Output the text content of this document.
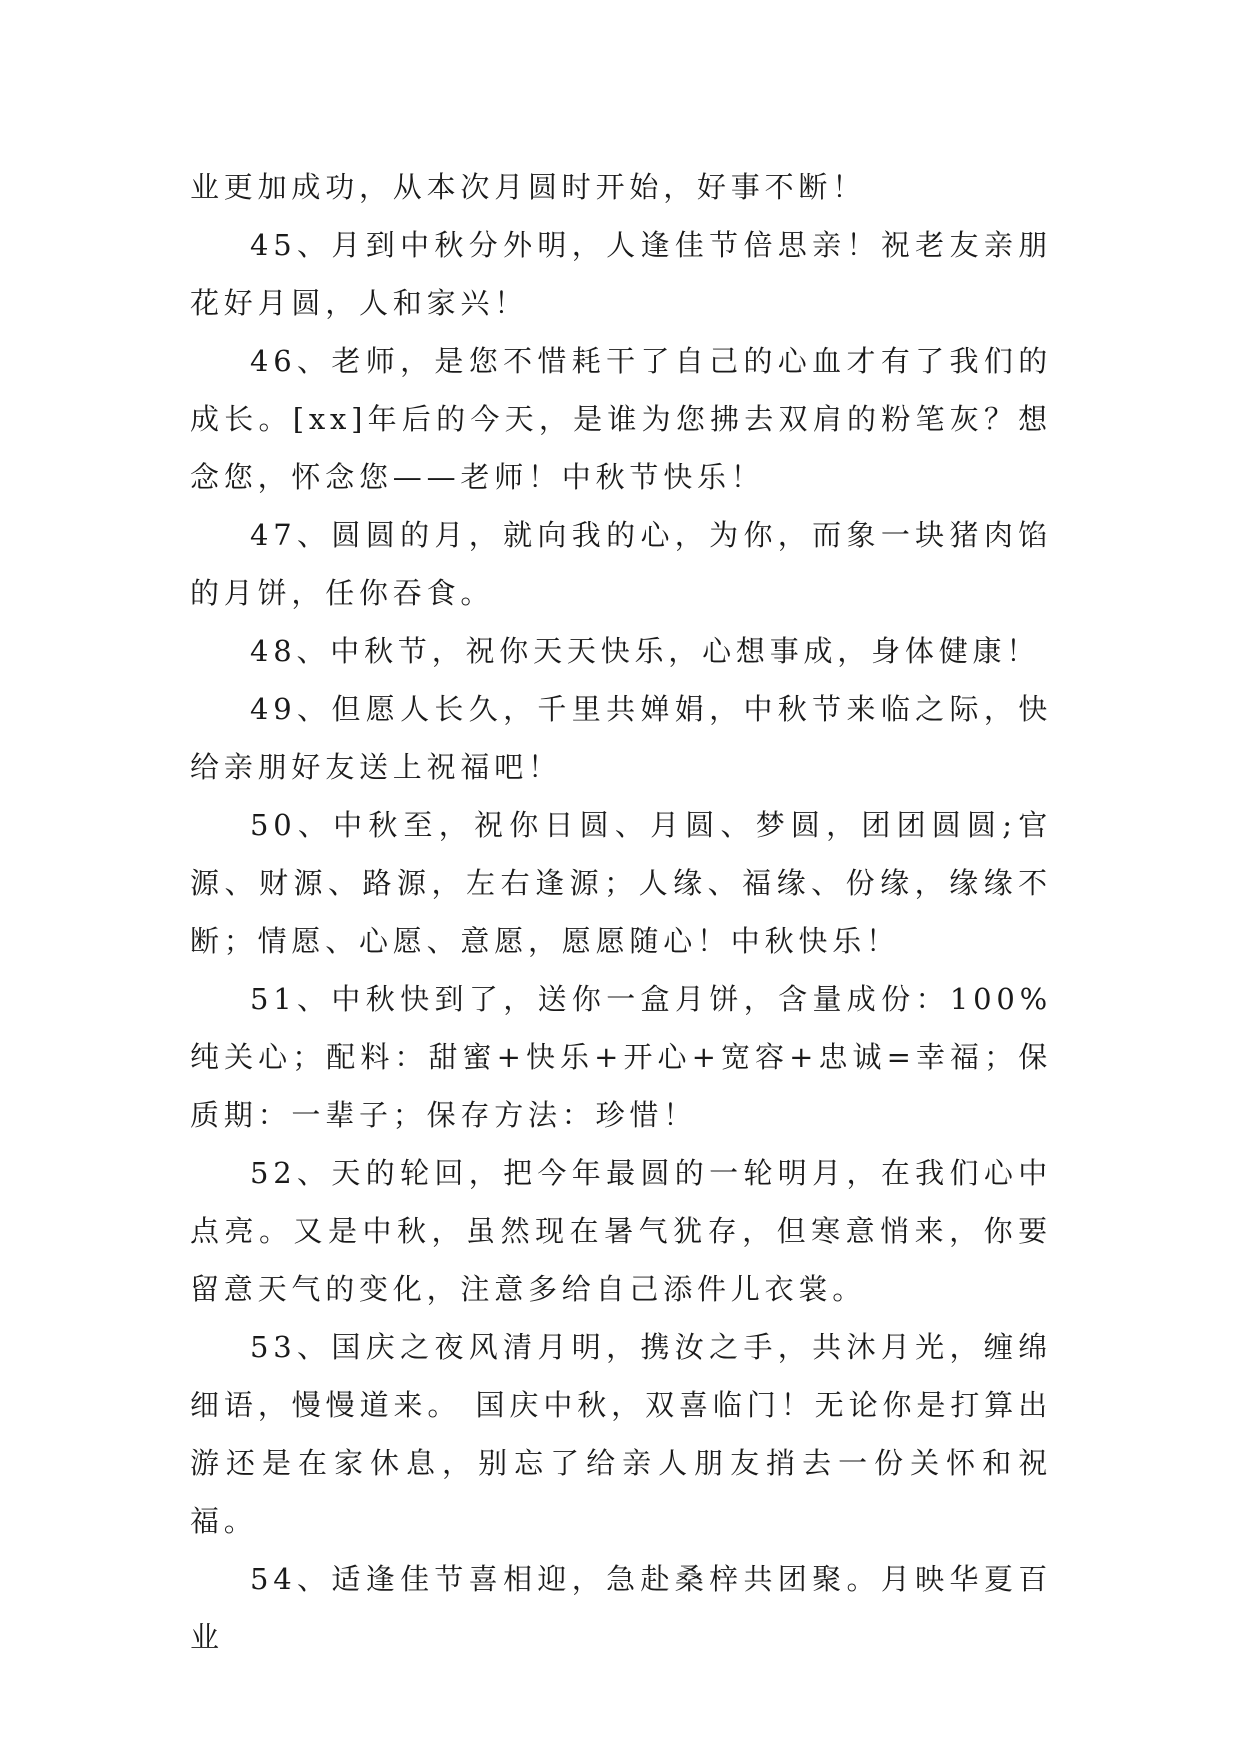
业更加成功，从本次月圆时开始，好事不断！

45、月到中秋分外明，人逢佳节倍思亲！祝老友亲朋花好月圆，人和家兴！

46、老师，是您不惜耗干了自己的心血才有了我们的成长。[xx]年后的今天，是谁为您拂去双肩的粉笔灰？想念您，怀念您——老师！中秋节快乐！

47、圆圆的月，就向我的心，为你，而象一块猪肉馅的月饼，任你吞食。

48、中秋节，祝你天天快乐，心想事成，身体健康！

49、但愿人长久，千里共婵娟，中秋节来临之际，快给亲朋好友送上祝福吧！

50、中秋至，祝你日圆、月圆、梦圆，团团圆圆;官源、财源、路源，左右逢源；人缘、福缘、份缘，缘缘不断；情愿、心愿、意愿，愿愿随心！中秋快乐！

51、中秋快到了，送你一盒月饼，含量成份：100%纯关心；配料：甜蜜+快乐+开心+宽容+忠诚=幸福；保质期：一辈子；保存方法：珍惜！

52、天的轮回，把今年最圆的一轮明月，在我们心中点亮。又是中秋，虽然现在暑气犹存，但寒意悄来，你要留意天气的变化，注意多给自己添件儿衣裳。

53、国庆之夜风清月明，携汝之手，共沐月光，缠绵细语，慢慢道来。 国庆中秋，双喜临门！无论你是打算出游还是在家休息，别忘了给亲人朋友捎去一份关怀和祝福。

54、适逢佳节喜相迎，急赴桑梓共团聚。月映华夏百业
